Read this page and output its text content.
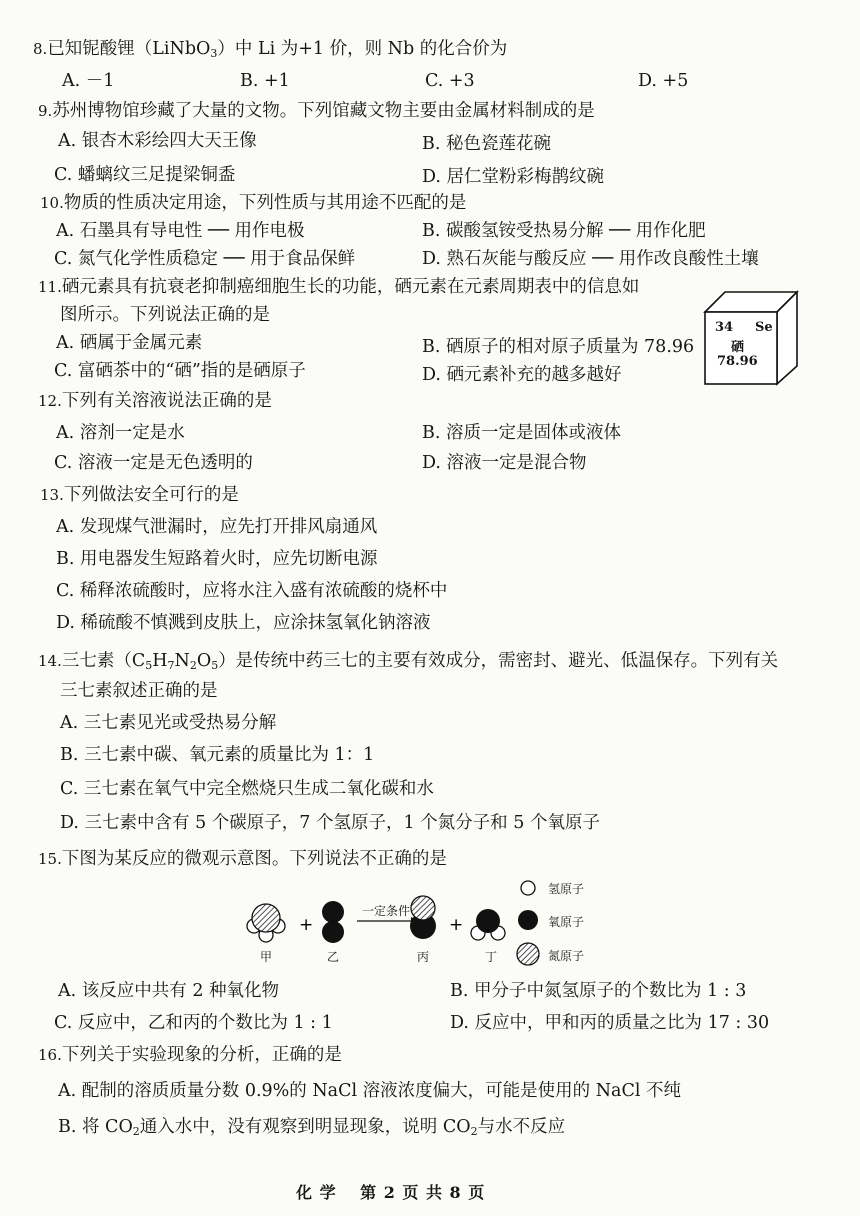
8.已知铌酸锂（LiNbO$_3$）中 Li 为+1 价，则 Nb 的化合价为
A. －1	B. +1	C. +3	D. +5
9.苏州博物馆珍藏了大量的文物。下列馆藏文物主要由金属材料制成的是
A. 银杏木彩绘四大天王像	B. 秘色瓷莲花碗
C. 蟠螭纹三足提梁铜盉	D. 居仁堂粉彩梅鹊纹碗
10.物质的性质决定用途，下列性质与其用途不匹配的是
A. 石墨具有导电性 ── 用作电极	B. 碳酸氢铵受热易分解 ── 用作化肥
C. 氮气化学性质稳定 ── 用于食品保鲜	D. 熟石灰能与酸反应 ── 用作改良酸性土壤
11.硒元素具有抗衰老抑制癌细胞生长的功能，硒元素在元素周期表中的信息如
图所示。下列说法正确的是
A. 硒属于金属元素	B. 硒原子的相对原子质量为 78.96
C. 富硒茶中的“硒”指的是硒原子	D. 硒元素补充的越多越好
34 Se
硒
78.96
12.下列有关溶液说法正确的是
A. 溶剂一定是水	B. 溶质一定是固体或液体
C. 溶液一定是无色透明的	D. 溶液一定是混合物
13.下列做法安全可行的是
A. 发现煤气泄漏时，应先打开排风扇通风
B. 用电器发生短路着火时，应先切断电源
C. 稀释浓硫酸时，应将水注入盛有浓硫酸的烧杯中
D. 稀硫酸不慎溅到皮肤上，应涂抹氢氧化钠溶液
14.三七素$(C_5H_7N_2O_5)$是传统中药三七的主要有效成分，需密封、避光、低温保存。下列有关
三七素叙述正确的是
A. 三七素见光或受热易分解
B. 三七素中碳、氧元素的质量比为 1：1
C. 三七素在氧气中完全燃烧只生成二氧化碳和水
D. 三七素中含有 5 个碳原子，7 个氢原子，1 个氮分子和 5 个氧原子
15.下图为某反应的微观示意图。下列说法不正确的是
+	+
一定条件
甲	乙	丙	丁
氢原子
氧原子
氮原子
A. 该反应中共有 2 种氧化物	B. 甲分子中氮氢原子的个数比为 1 : 3
C. 反应中，乙和丙的个数比为 1 : 1	D. 反应中，甲和丙的质量之比为 17 : 30
16.下列关于实验现象的分析，正确的是
A. 配制的溶质质量分数 0.9%的 NaCl 溶液浓度偏大，可能是使用的 NaCl 不纯
B. 将 $CO_2$通入水中，没有观察到明显现象，说明 $CO_2$与水不反应
化 学　 第 2 页 共 8 页
